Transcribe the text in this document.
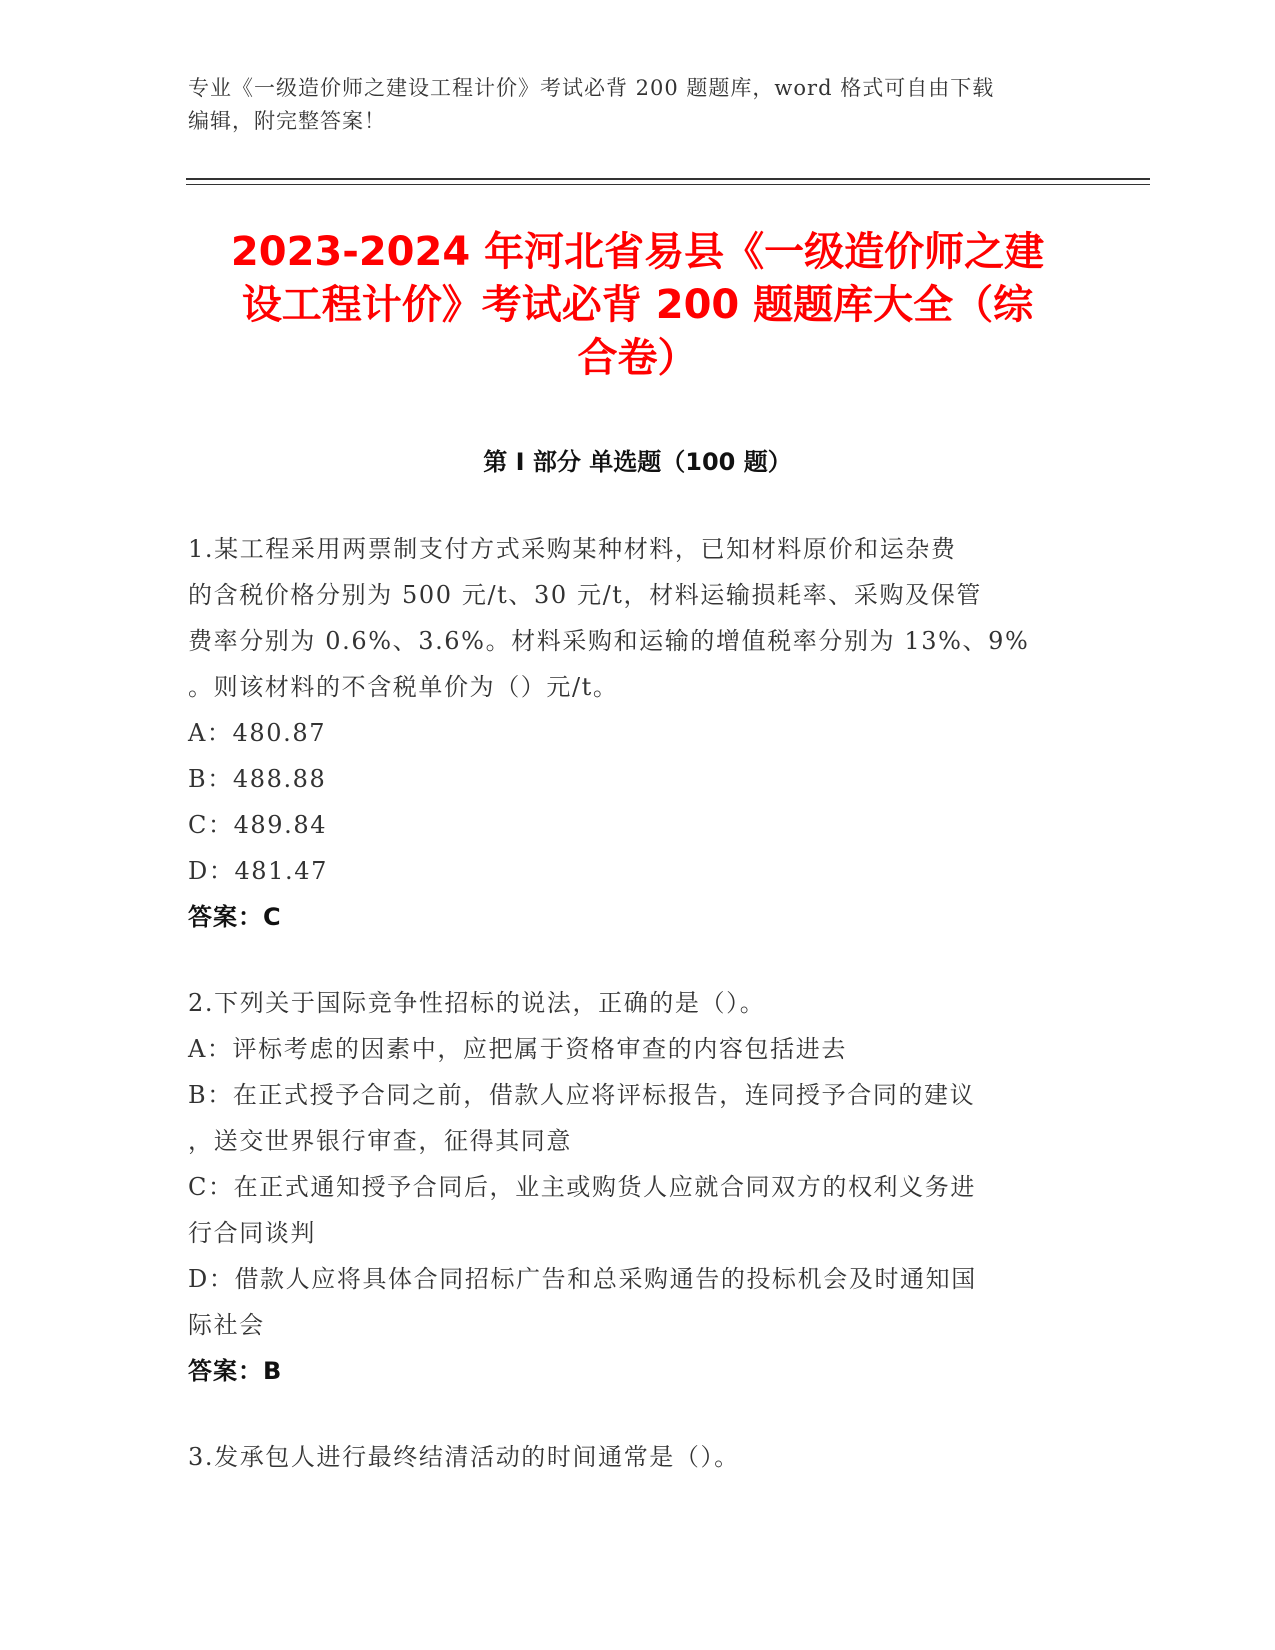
专业《一级造价师之建设工程计价》考试必背 200 题题库，word 格式可自由下载
编辑，附完整答案！
2023-2024 年河北省易县《一级造价师之建
设工程计价》考试必背 200 题题库大全（综
合卷）
第 I 部分 单选题（100 题）
1.某工程采用两票制支付方式采购某种材料，已知材料原价和运杂费
的含税价格分别为 500 元/t、30 元/t，材料运输损耗率、采购及保管
费率分别为 0.6%、3.6%。材料采购和运输的增值税率分别为 13%、9%
。则该材料的不含税单价为（）元/t。
A：480.87
B：488.88
C：489.84
D：481.47
答案：C
2.下列关于国际竞争性招标的说法，正确的是（）。
A：评标考虑的因素中，应把属于资格审查的内容包括进去
B：在正式授予合同之前，借款人应将评标报告，连同授予合同的建议
，送交世界银行审查，征得其同意
C：在正式通知授予合同后，业主或购货人应就合同双方的权利义务进
行合同谈判
D：借款人应将具体合同招标广告和总采购通告的投标机会及时通知国
际社会
答案：B
3.发承包人进行最终结清活动的时间通常是（）。
